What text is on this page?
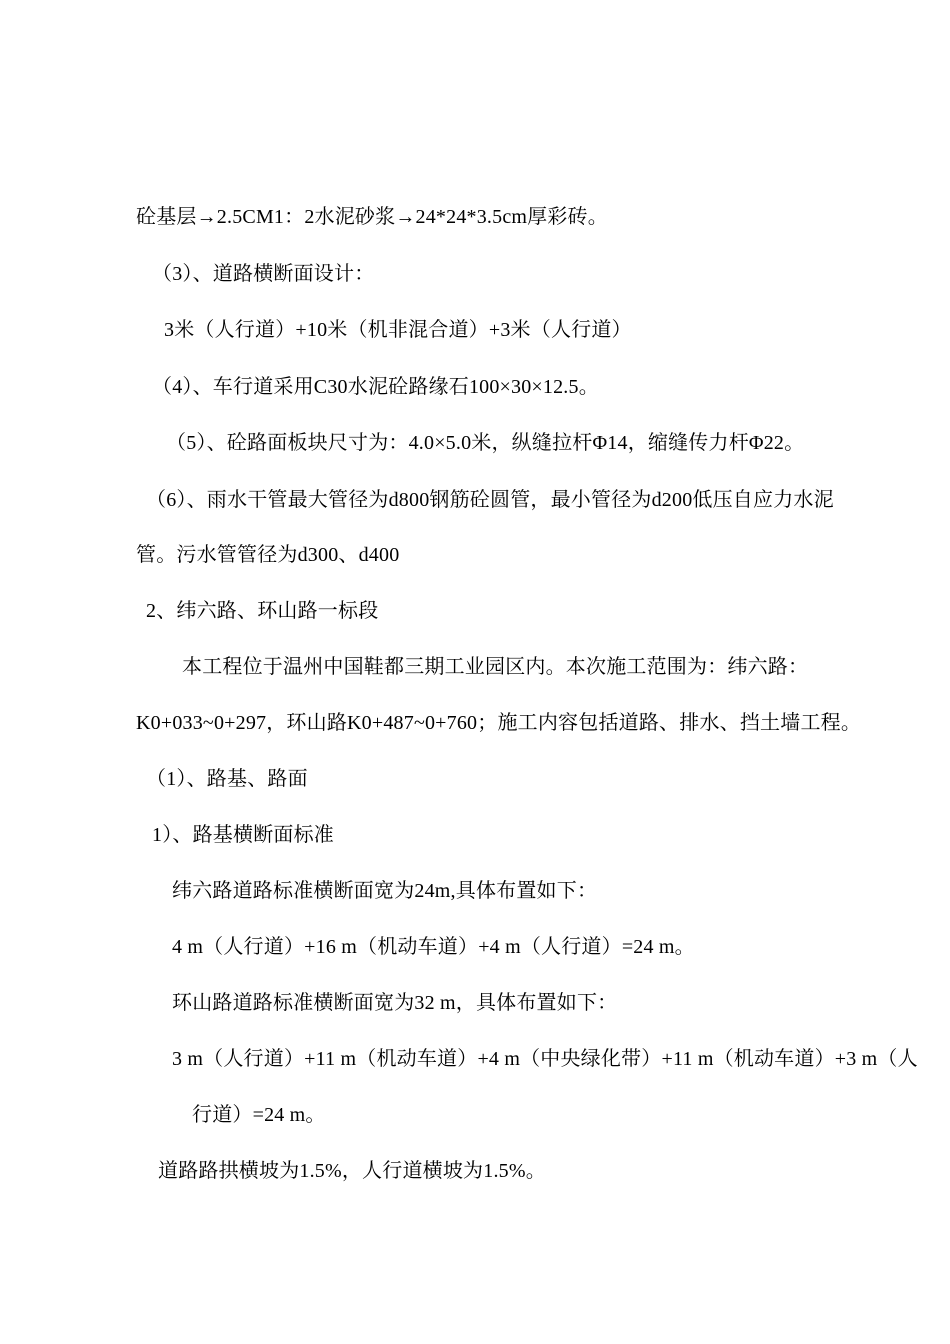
砼基层→2.5CM1：2水泥砂浆→24*24*3.5cm厚彩砖。
（3）、道路横断面设计：
3米（人行道）+10米（机非混合道）+3米（人行道）
（4）、车行道采用C30水泥砼路缘石100×30×12.5。
（5）、砼路面板块尺寸为：4.0×5.0米，纵缝拉杆Φ14，缩缝传力杆Φ22。
（6）、雨水干管最大管径为d800钢筋砼圆管，最小管径为d200低压自应力水泥
管。污水管管径为d300、d400
2、纬六路、环山路一标段
本工程位于温州中国鞋都三期工业园区内。本次施工范围为：纬六路：
K0+033~0+297，环山路K0+487~0+760；施工内容包括道路、排水、挡土墙工程。
（1）、路基、路面
1）、路基横断面标准
纬六路道路标准横断面宽为24m,具体布置如下：
4 m（人行道）+16 m（机动车道）+4 m（人行道）=24 m。
环山路道路标准横断面宽为32 m，具体布置如下：
3 m（人行道）+11 m（机动车道）+4 m（中央绿化带）+11 m（机动车道）+3 m（人
行道）=24 m。
道路路拱横坡为1.5%，人行道横坡为1.5%。
